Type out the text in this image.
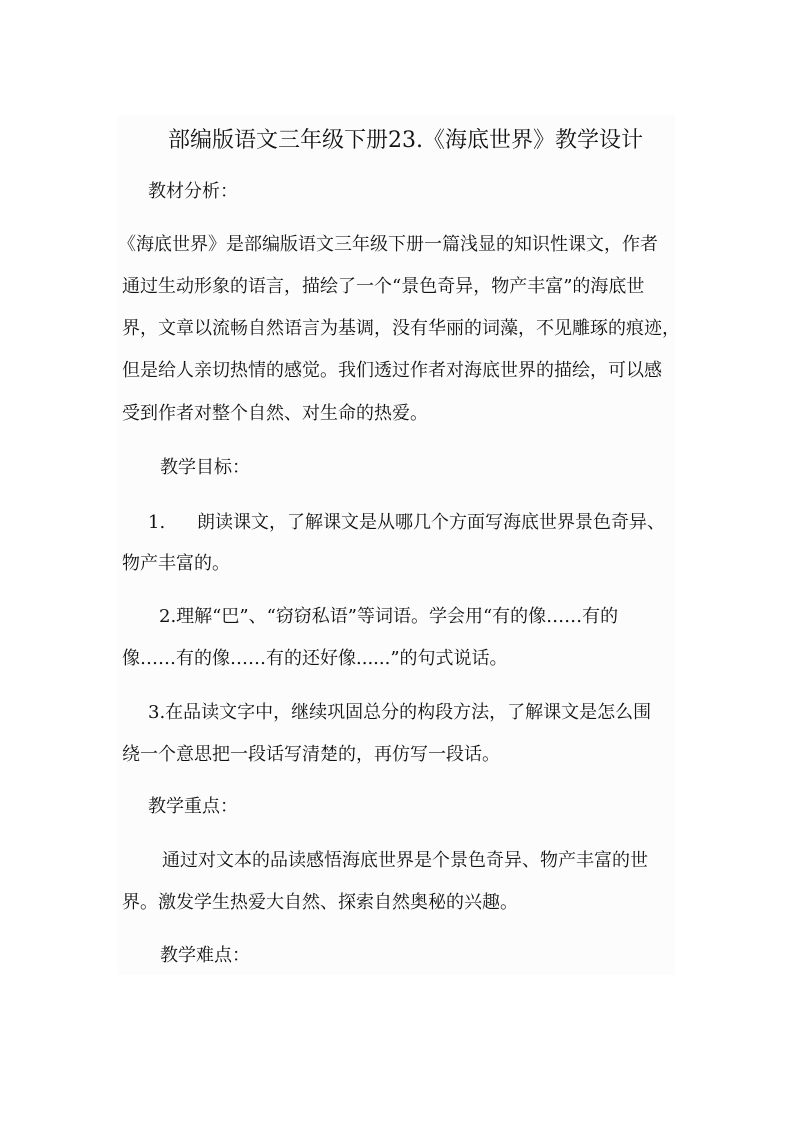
部编版语文三年级下册23.《海底世界》教学设计
教材分析：
《海底世界》是部编版语文三年级下册一篇浅显的知识性课文，作者
通过生动形象的语言，描绘了一个“景色奇异，物产丰富”的海底世
界，文章以流畅自然语言为基调，没有华丽的词藻，不见雕琢的痕迹，
但是给人亲切热情的感觉。我们透过作者对海底世界的描绘，可以感
受到作者对整个自然、对生命的热爱。
教学目标：
1. 朗读课文，了解课文是从哪几个方面写海底世界景色奇异、
物产丰富的。
2.理解“巴”、“窃窃私语”等词语。学会用“有的像……有的
像……有的像……有的还好像......”的句式说话。
3.在品读文字中，继续巩固总分的构段方法，了解课文是怎么围
绕一个意思把一段话写清楚的，再仿写一段话。
教学重点：
通过对文本的品读感悟海底世界是个景色奇异、物产丰富的世
界。激发学生热爱大自然、探索自然奥秘的兴趣。
教学难点：
